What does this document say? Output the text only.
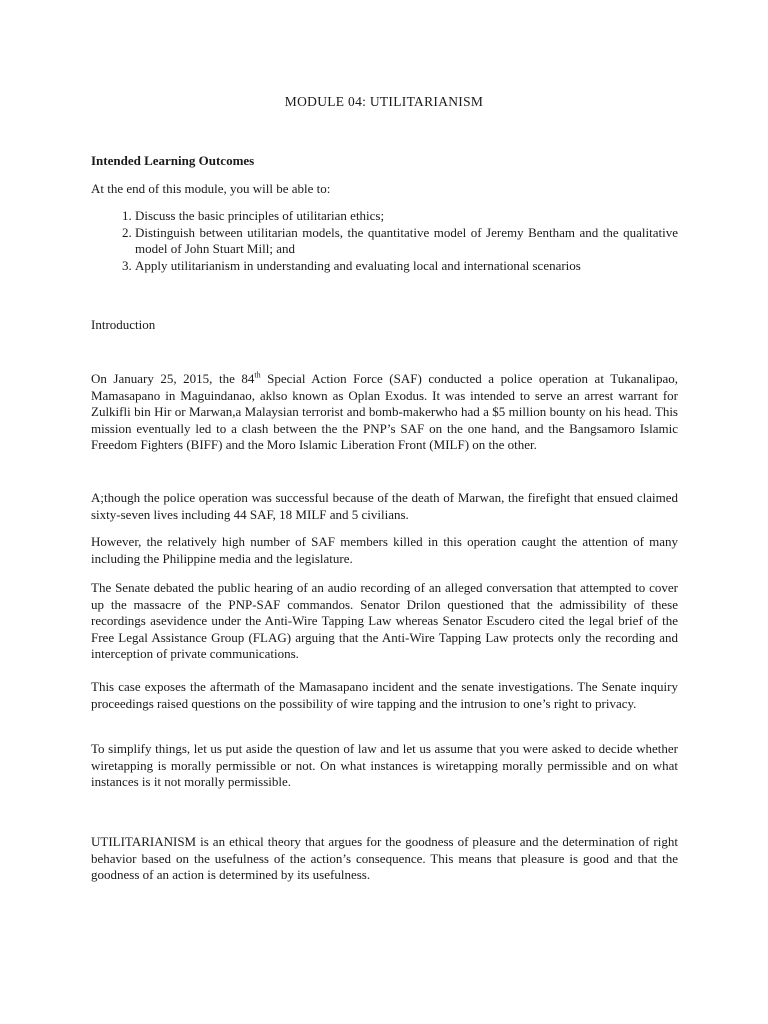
MODULE 04: UTILITARIANISM
Intended Learning Outcomes
At the end of this module, you will be able to:
1. Discuss the basic principles of utilitarian ethics;
2. Distinguish between utilitarian models, the quantitative model of Jeremy Bentham and the qualitative model of John Stuart Mill; and
3. Apply utilitarianism in understanding and evaluating local and international scenarios
Introduction

On January 25, 2015, the 84th Special Action Force (SAF) conducted a police operation at Tukanalipao, Mamasapano in Maguindanao, aklso known as Oplan Exodus. It was intended to serve an arrest warrant for Zulkifli bin Hir or Marwan,a Malaysian terrorist and bomb-makerwho had a $5 million bounty on his head. This mission eventually led to a clash between the the PNP’s SAF on the one hand, and the Bangsamoro Islamic Freedom Fighters (BIFF) and the Moro Islamic Liberation Front (MILF) on the other.

A;though the police operation was successful because of the death of Marwan, the firefight that ensued claimed sixty-seven lives including 44 SAF, 18 MILF and 5 civilians.

However, the relatively high number of SAF members killed in this operation caught the attention of many including the Philippine media and the legislature.

The Senate debated the public hearing of an audio recording of an alleged conversation that attempted to cover up the massacre of the PNP-SAF commandos. Senator Drilon questioned that the admissibility of these recordings asevidence under the Anti-Wire Tapping Law whereas Senator Escudero cited the legal brief of the Free Legal Assistance Group (FLAG) arguing that the Anti-Wire Tapping Law protects only the recording and interception of private communications.

This case exposes the aftermath of the Mamasapano incident and the senate investigations. The Senate inquiry proceedings raised questions on the possibility of wire tapping and the intrusion to one’s right to privacy.

To simplify things, let us put aside the question of law and let us assume that you were asked to decide whether wiretapping is morally permissible or not. On what instances is wiretapping morally permissible and on what instances is it not morally permissible.

UTILITARIANISM is an ethical theory that argues for the goodness of pleasure and the determination of right behavior based on the usefulness of the action’s consequence. This means that pleasure is good and that the goodness of an action is determined by its usefulness.
